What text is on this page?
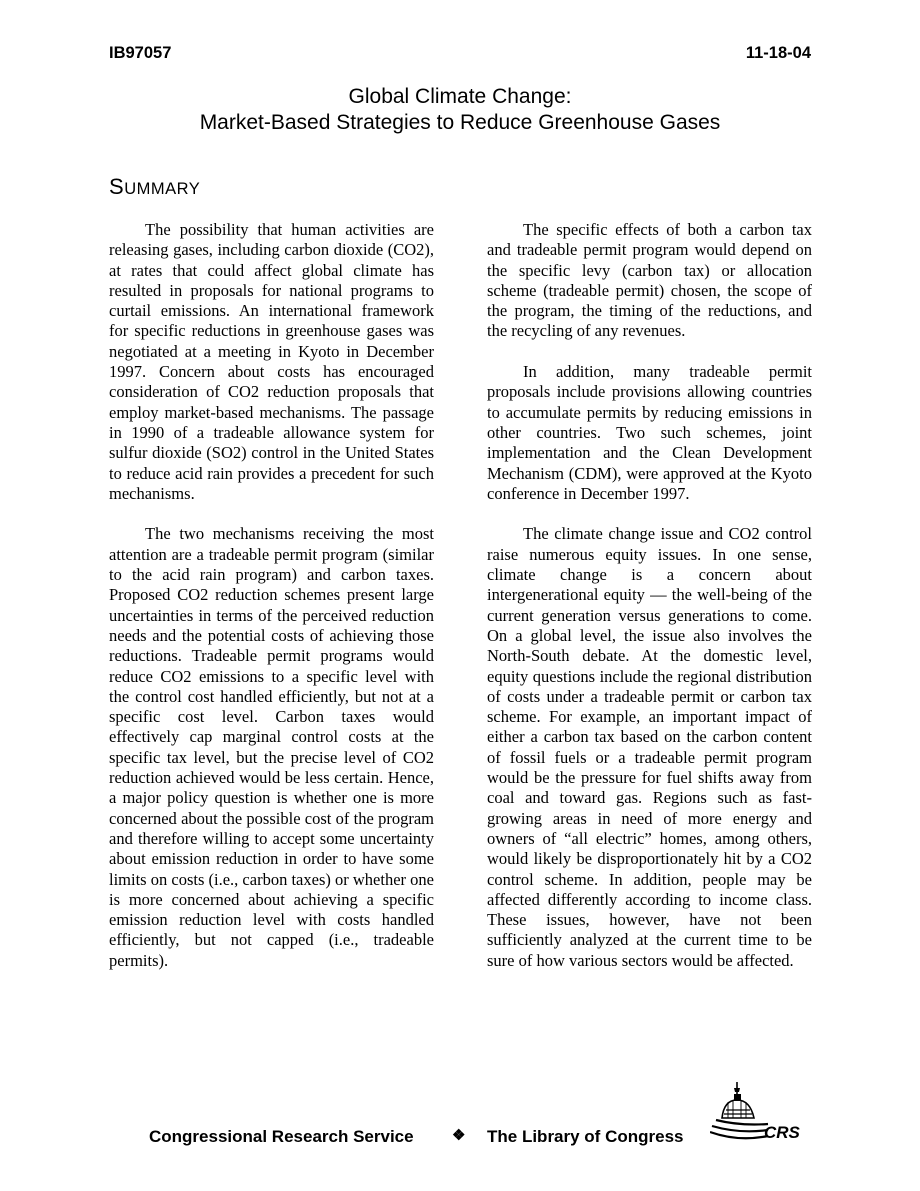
IB97057	11-18-04
Global Climate Change:
Market-Based Strategies to Reduce Greenhouse Gases
SUMMARY

The possibility that human activities are releasing gases, including carbon dioxide (CO2), at rates that could affect global climate has resulted in proposals for national programs to curtail emissions. An international framework for specific reductions in greenhouse gases was negotiated at a meeting in Kyoto in December 1997. Concern about costs has encouraged consideration of CO2 reduction proposals that employ market-based mechanisms. The passage in 1990 of a tradeable allowance system for sulfur dioxide (SO2) control in the United States to reduce acid rain provides a precedent for such mechanisms.

The two mechanisms receiving the most attention are a tradeable permit program (similar to the acid rain program) and carbon taxes. Proposed CO2 reduction schemes present large uncertainties in terms of the perceived reduction needs and the potential costs of achieving those reductions. Tradeable permit programs would reduce CO2 emissions to a specific level with the control cost handled efficiently, but not at a specific cost level. Carbon taxes would effectively cap marginal control costs at the specific tax level, but the precise level of CO2 reduction achieved would be less certain. Hence, a major policy question is whether one is more concerned about the possible cost of the program and therefore willing to accept some uncertainty about emission reduction in order to have some limits on costs (i.e., carbon taxes) or whether one is more concerned about achieving a specific emission reduction level with costs handled efficiently, but not capped (i.e., tradeable permits).

The specific effects of both a carbon tax and tradeable permit program would depend on the specific levy (carbon tax) or allocation scheme (tradeable permit) chosen, the scope of the program, the timing of the reductions, and the recycling of any revenues.

In addition, many tradeable permit proposals include provisions allowing countries to accumulate permits by reducing emissions in other countries. Two such schemes, joint implementation and the Clean Development Mechanism (CDM), were approved at the Kyoto conference in December 1997.

The climate change issue and CO2 control raise numerous equity issues. In one sense, climate change is a concern about intergenerational equity — the well-being of the current generation versus generations to come. On a global level, the issue also involves the North-South debate. At the domestic level, equity questions include the regional distribution of costs under a tradeable permit or carbon tax scheme. For example, an important impact of either a carbon tax based on the carbon content of fossil fuels or a tradeable permit program would be the pressure for fuel shifts away from coal and toward gas. Regions such as fast-growing areas in need of more energy and owners of “all electric” homes, among others, would likely be disproportionately hit by a CO2 control scheme. In addition, people may be affected differently according to income class. These issues, however, have not been sufficiently analyzed at the current time to be sure of how various sectors would be affected.

Congressional Research Service	❖ The Library of Congress	CRS
